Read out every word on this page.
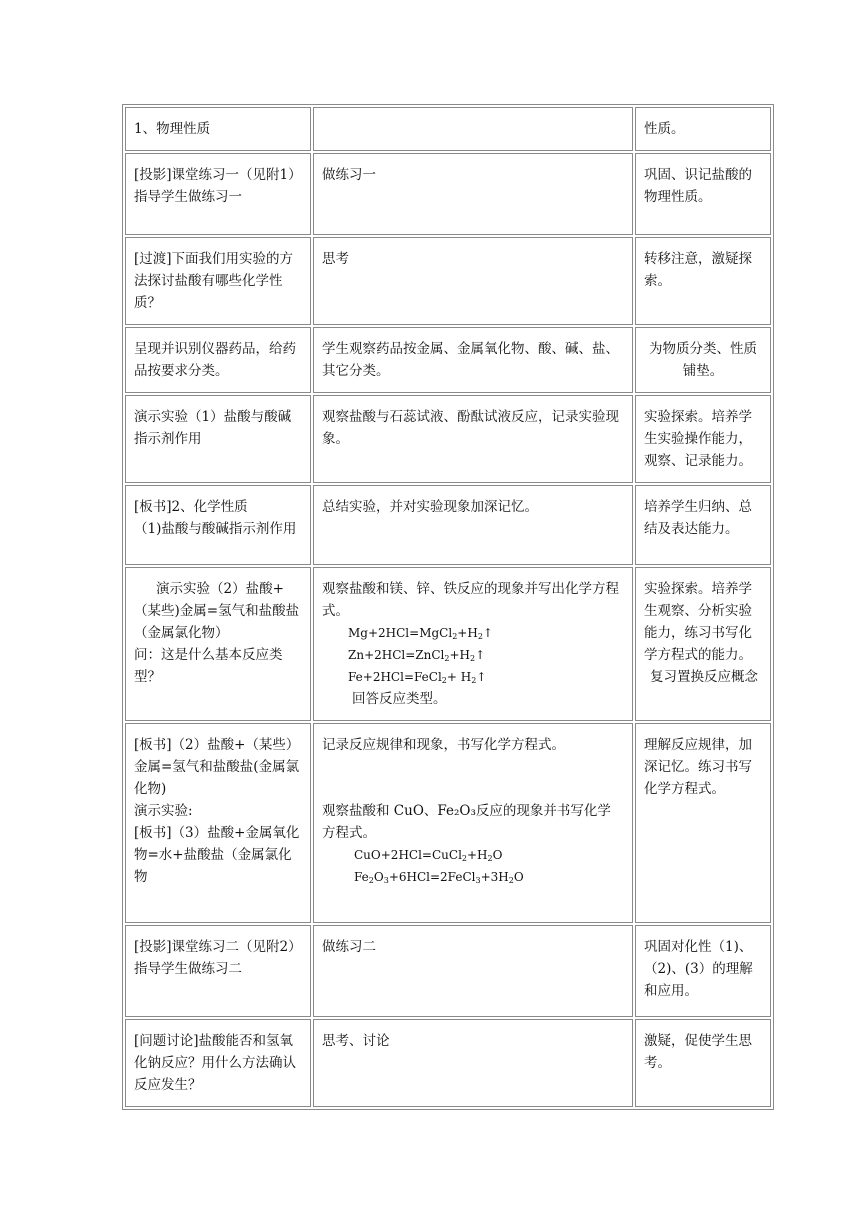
1、物理性质		性质。

[投影]课堂练习一（见附1）
指导学生做练习一	做练习一	巩固、识记盐酸的物理性质。

[过渡]下面我们用实验的方法探讨盐酸有哪些化学性质？	思考	转移注意，激疑探索。

呈现并识别仪器药品，给药品按要求分类。	学生观察药品按金属、金属氧化物、酸、碱、盐、其它分类。	为物质分类、性质铺垫。

演示实验（1）盐酸与酸碱指示剂作用	观察盐酸与石蕊试液、酚酞试液反应，记录实验现象。	实验探索。培养学生实验操作能力，观察、记录能力。

[板书]2、化学性质
（1)盐酸与酸碱指示剂作用	总结实验，并对实验现象加深记忆。	培养学生归纳、总结及表达能力。

演示实验（2）盐酸+（某些)金属=氢气和盐酸盐（金属氯化物）
问：这是什么基本反应类型？	观察盐酸和镁、锌、铁反应的现象并写出化学方程式。
$Mg+2HCl=MgCl_2+H_2↑$
$Zn+2HCl=ZnCl_2+H_2↑$
Fe+2HCl=FeCl$_2$+ $H_2↑$
回答反应类型。	实验探索。培养学生观察、分析实验能力，练习书写化学方程式的能力。
复习置换反应概念

[板书]（2）盐酸+（某些）金属=氢气和盐酸盐(金属氯化物)
演示实验:
[板书]（3）盐酸+金属氧化物=水+盐酸盐（金属氯化物	记录反应规律和现象，书写化学方程式。
观察盐酸和 CuO、Fe₂O₃反应的现象并书写化学方程式。
$CuO+2HCl=CuCl_2+H_2O$
$Fe_2O_3+6HCl=2FeCl_3+3H_2O$	理解反应规律，加深记忆。练习书写化学方程式。

[投影]课堂练习二（见附2）
指导学生做练习二	做练习二	巩固对化性（1)、（2)、(3）的理解和应用。

[问题讨论]盐酸能否和氢氧化钠反应？用什么方法确认反应发生？	思考、讨论	激疑，促使学生思考。
